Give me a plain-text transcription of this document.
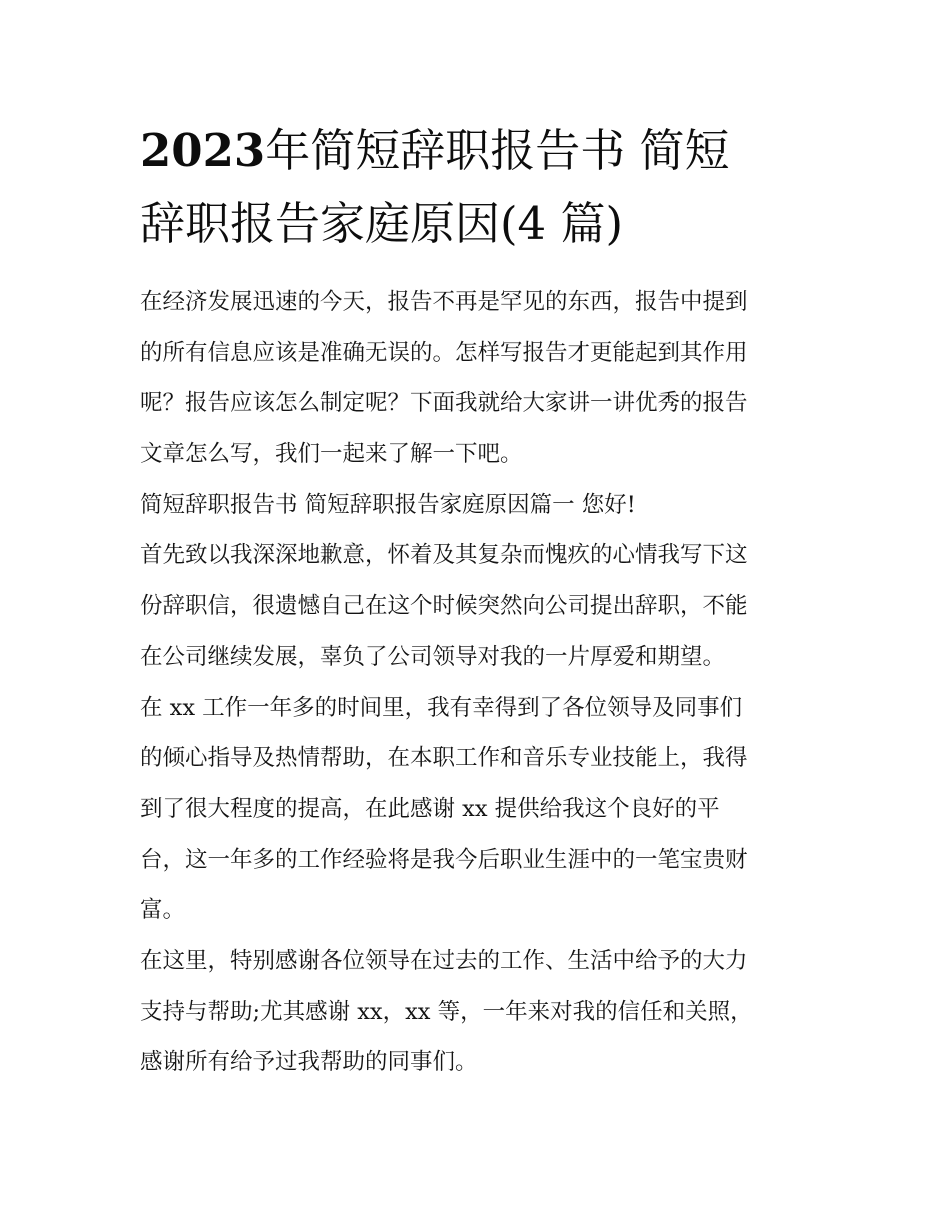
2023年简短辞职报告书 简短
辞职报告家庭原因(4 篇)
在经济发展迅速的今天，报告不再是罕见的东西，报告中提到
的所有信息应该是准确无误的。怎样写报告才更能起到其作用
呢？报告应该怎么制定呢？下面我就给大家讲一讲优秀的报告
文章怎么写，我们一起来了解一下吧。
简短辞职报告书 简短辞职报告家庭原因篇一 您好!
首先致以我深深地歉意，怀着及其复杂而愧疚的心情我写下这
份辞职信，很遗憾自己在这个时候突然向公司提出辞职，不能
在公司继续发展，辜负了公司领导对我的一片厚爱和期望。
在 xx 工作一年多的时间里，我有幸得到了各位领导及同事们
的倾心指导及热情帮助，在本职工作和音乐专业技能上，我得
到了很大程度的提高，在此感谢 xx 提供给我这个良好的平
台，这一年多的工作经验将是我今后职业生涯中的一笔宝贵财
富。
在这里，特别感谢各位领导在过去的工作、生活中给予的大力
支持与帮助;尤其感谢 xx，xx 等，一年来对我的信任和关照，
感谢所有给予过我帮助的同事们。
